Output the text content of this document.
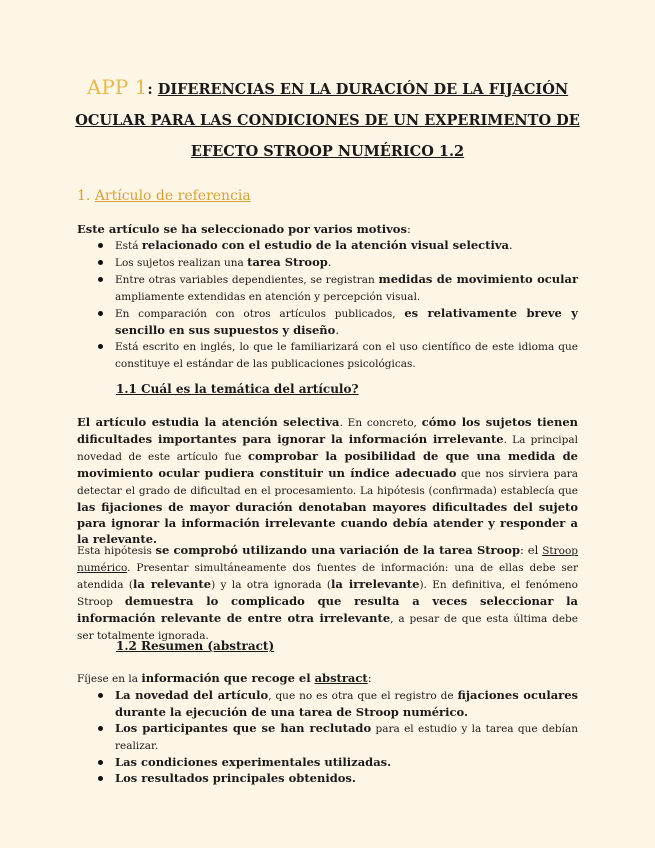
APP 1: DIFERENCIAS EN LA DURACIÓN DE LA FIJACIÓN
OCULAR PARA LAS CONDICIONES DE UN EXPERIMENTO DE
EFECTO STROOP NUMÉRICO 1.2
1. Artículo de referencia
Este artículo se ha seleccionado por varios motivos:
Está relacionado con el estudio de la atención visual selectiva.
Los sujetos realizan una tarea Stroop.
Entre otras variables dependientes, se registran medidas de movimiento ocular ampliamente extendidas en atención y percepción visual.
En comparación con otros artículos publicados, es relativamente breve y sencillo en sus supuestos y diseño.
Está escrito en inglés, lo que le familiarizará con el uso científico de este idioma que constituye el estándar de las publicaciones psicológicas.
1.1 Cuál es la temática del artículo?
El artículo estudia la atención selectiva. En concreto, cómo los sujetos tienen dificultades importantes para ignorar la información irrelevante. La principal novedad de este artículo fue comprobar la posibilidad de que una medida de movimiento ocular pudiera constituir un índice adecuado que nos sirviera para detectar el grado de dificultad en el procesamiento. La hipótesis (confirmada) establecía que las fijaciones de mayor duración denotaban mayores dificultades del sujeto para ignorar la información irrelevante cuando debía atender y responder a la relevante.
Esta hipótesis se comprobó utilizando una variación de la tarea Stroop: el Stroop numérico. Presentar simultáneamente dos fuentes de información: una de ellas debe ser atendida (la relevante) y la otra ignorada (la irrelevante). En definitiva, el fenómeno Stroop demuestra lo complicado que resulta a veces seleccionar la información relevante de entre otra irrelevante, a pesar de que esta última debe ser totalmente ignorada.
1.2 Resumen (abstract)
Fíjese en la información que recoge el abstract:
La novedad del artículo, que no es otra que el registro de fijaciones oculares durante la ejecución de una tarea de Stroop numérico.
Los participantes que se han reclutado para el estudio y la tarea que debían realizar.
Las condiciones experimentales utilizadas.
Los resultados principales obtenidos.
